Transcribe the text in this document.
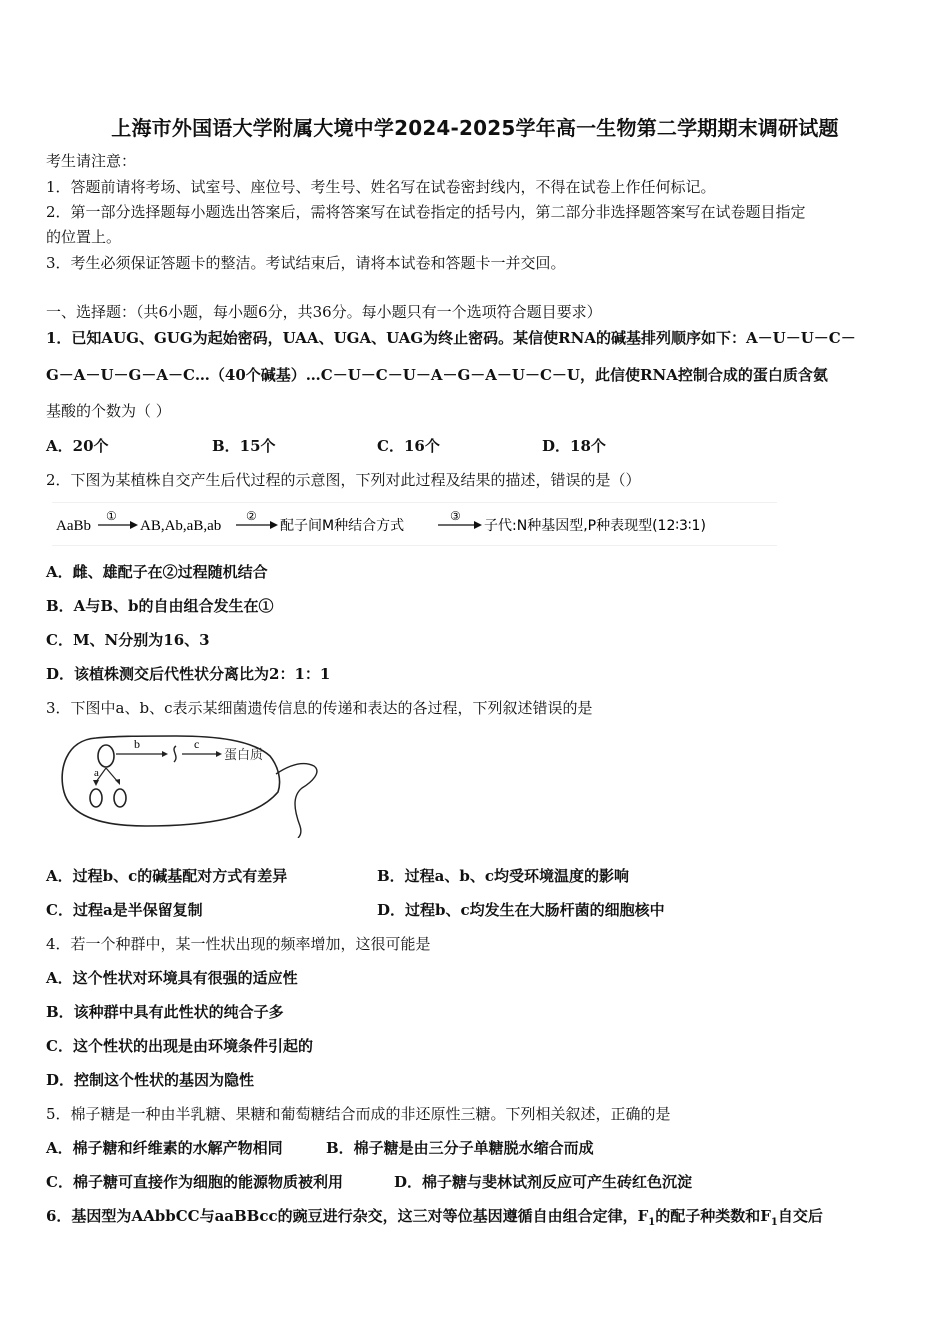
上海市外国语大学附属大境中学2024-2025学年高一生物第二学期期末调研试题
考生请注意：
1．答题前请将考场、试室号、座位号、考生号、姓名写在试卷密封线内，不得在试卷上作任何标记。
2．第一部分选择题每小题选出答案后，需将答案写在试卷指定的括号内，第二部分非选择题答案写在试卷题目指定
的位置上。
3．考生必须保证答题卡的整洁。考试结束后，请将本试卷和答题卡一并交回。
一、选择题：（共6小题，每小题6分，共36分。每小题只有一个选项符合题目要求）
1．已知AUG、GUG为起始密码，UAA、UGA、UAG为终止密码。某信使RNA的碱基排列顺序如下：A－U－U－C－
G－A－U－G－A－C…（40个碱基）…C－U－C－U－A－G－A－U－C－U，此信使RNA控制合成的蛋白质含氨
基酸的个数为（ ）
A．20个	B．15个	C．16个	D．18个
2．下图为某植株自交产生后代过程的示意图，下列对此过程及结果的描述，错误的是（）
AaBb
①
AB,Ab,aB,ab
②
配子间M种结合方式
③
子代:N种基因型,P种表现型(12∶3∶1)
A．雌、雄配子在②过程随机结合
B．A与B、b的自由组合发生在①
C．M、N分别为16、3
D．该植株测交后代性状分离比为2：1：1
3．下图中a、b、c表示某细菌遗传信息的传递和表达的各过程，下列叙述错误的是
a
b	c
蛋白质
A．过程b、c的碱基配对方式有差异	B．过程a、b、c均受环境温度的影响
C．过程a是半保留复制	D．过程b、c均发生在大肠杆菌的细胞核中
4．若一个种群中，某一性状出现的频率增加，这很可能是
A．这个性状对环境具有很强的适应性
B．该种群中具有此性状的纯合子多
C．这个性状的出现是由环境条件引起的
D．控制这个性状的基因为隐性
5．棉子糖是一种由半乳糖、果糖和葡萄糖结合而成的非还原性三糖。下列相关叙述，正确的是
A．棉子糖和纤维素的水解产物相同	B．棉子糖是由三分子单糖脱水缩合而成
C．棉子糖可直接作为细胞的能源物质被利用	D．棉子糖与斐林试剂反应可产生砖红色沉淀
6．基因型为AAbbCC与aaBBcc的豌豆进行杂交，这三对等位基因遵循自由组合定律，$F_1$的配子种类数和$F_1$自交后
